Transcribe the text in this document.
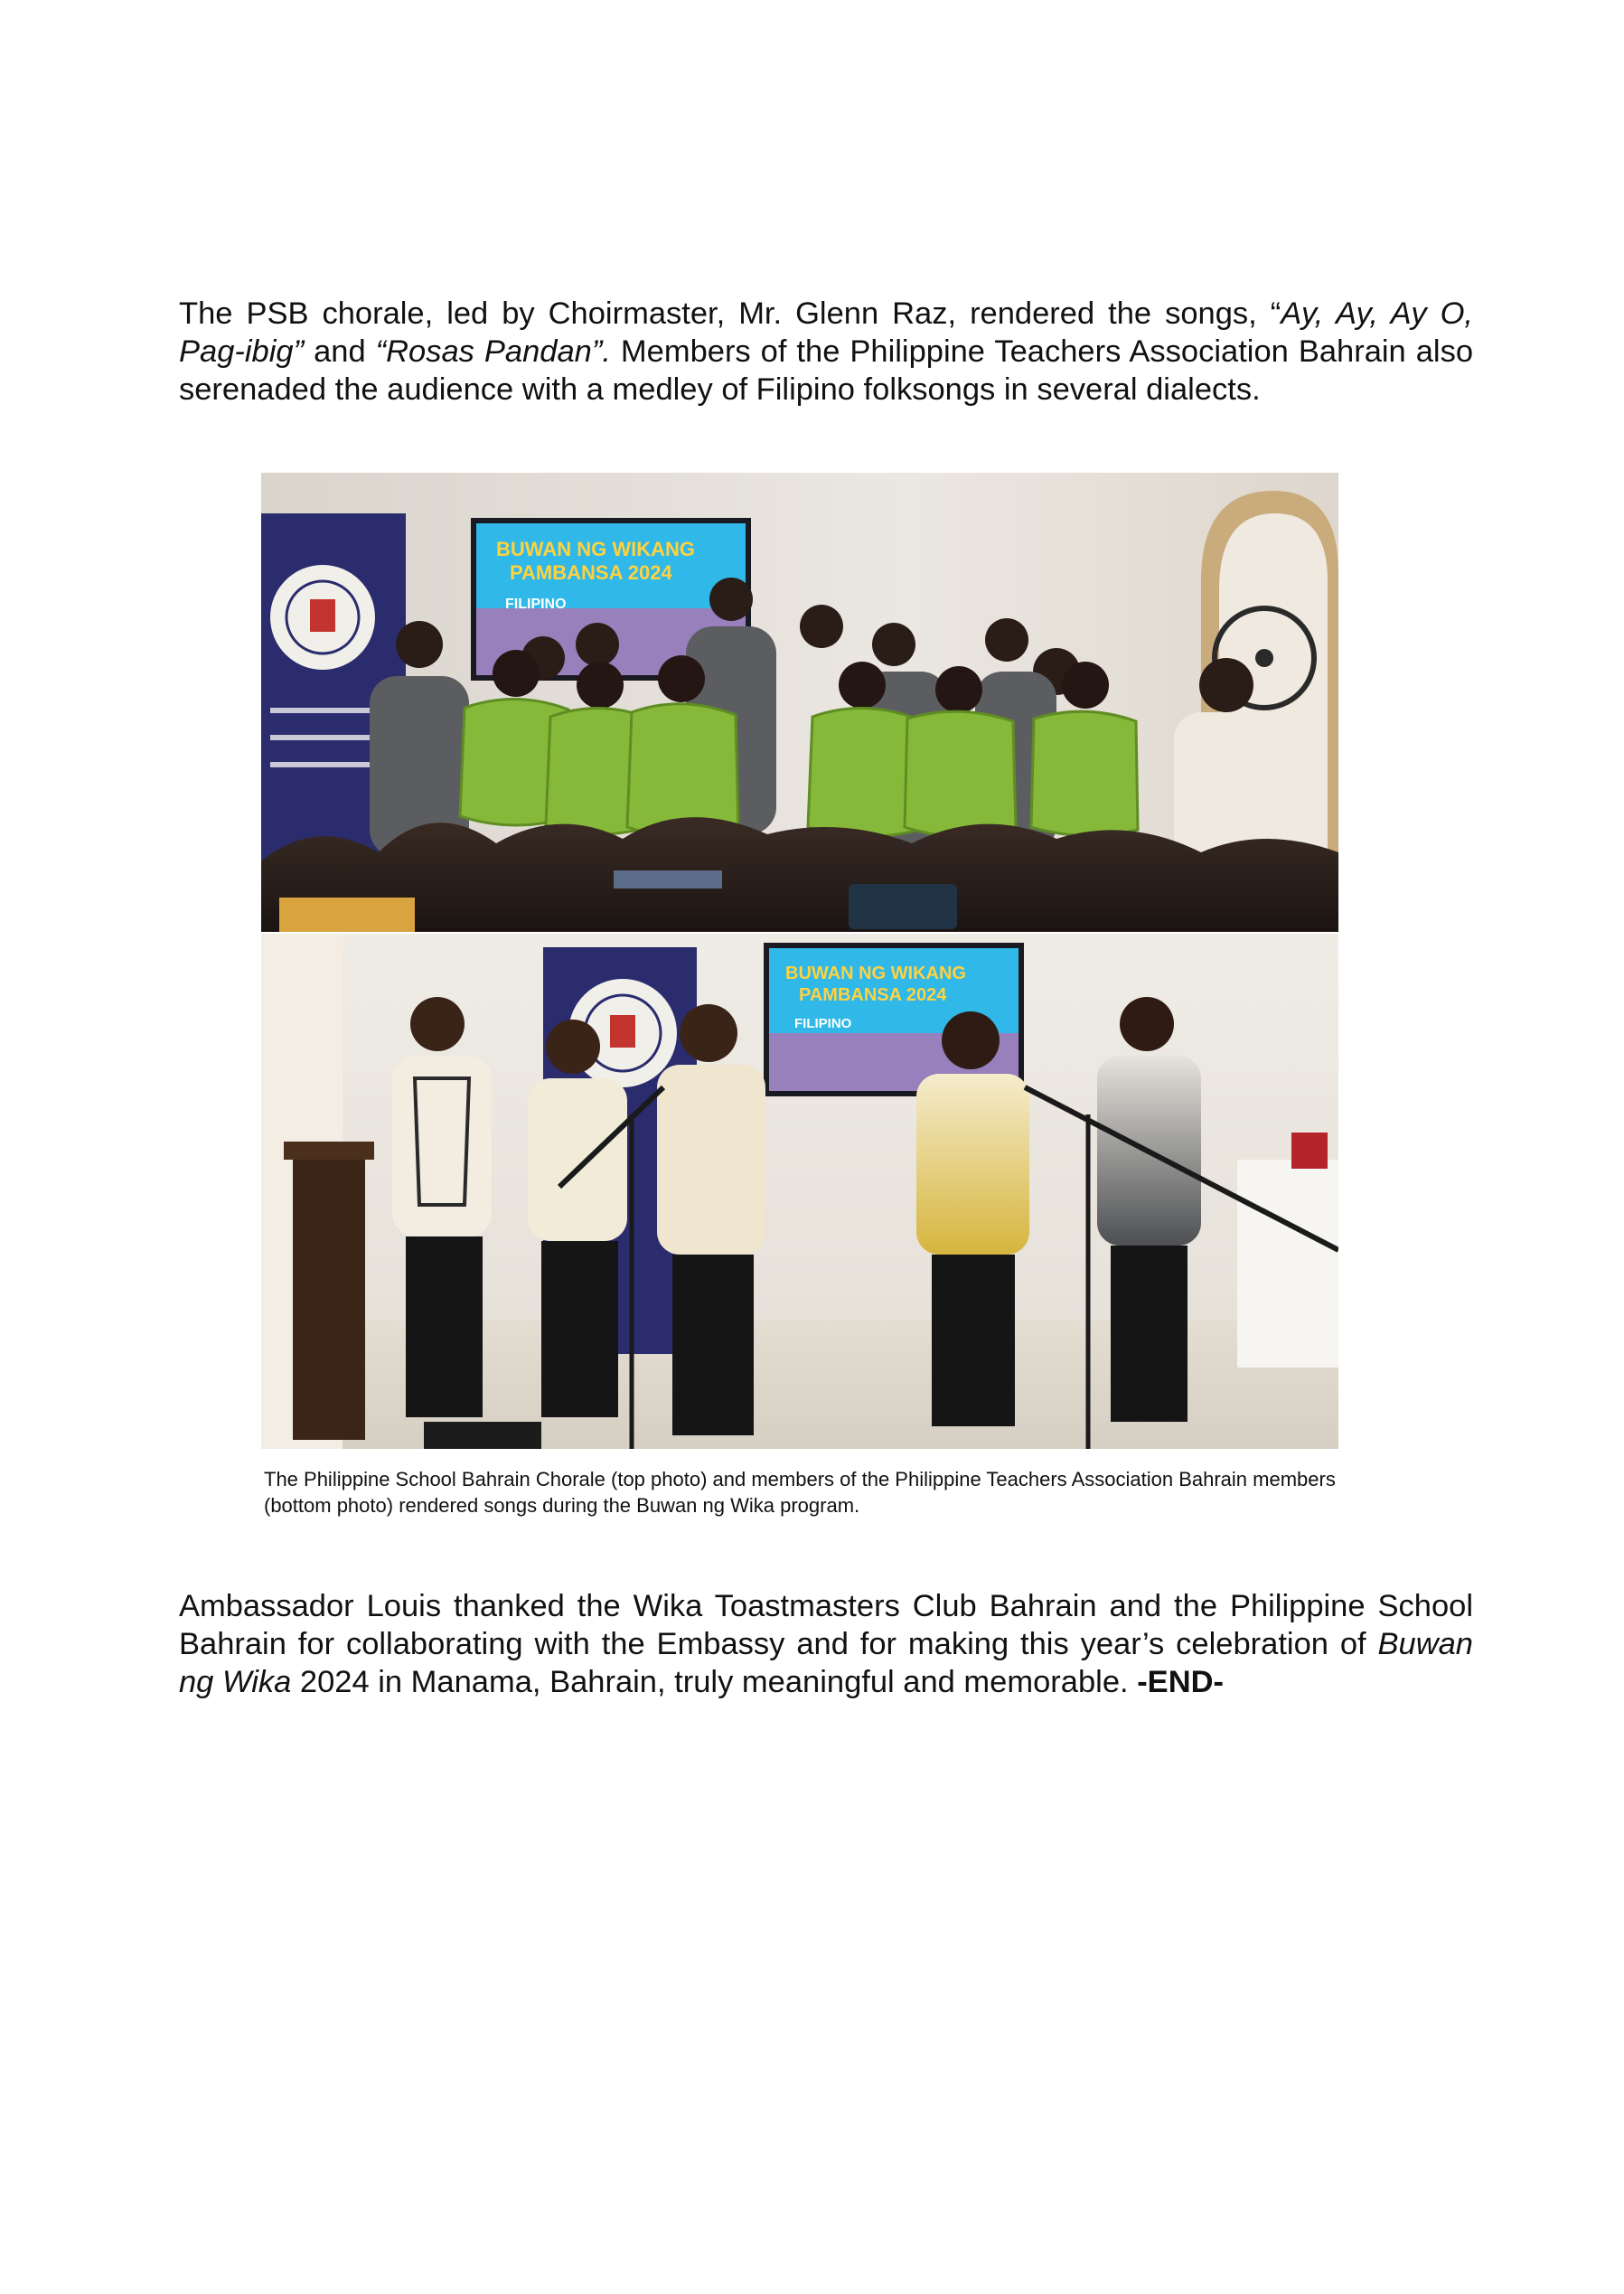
The PSB chorale, led by Choirmaster, Mr. Glenn Raz, rendered the songs, “Ay, Ay, Ay O, Pag-ibig” and “Rosas Pandan”. Members of the Philippine Teachers Association Bahrain also serenaded the audience with a medley of Filipino folksongs in several dialects.

BUWAN NG WIKANG
PAMBANSA 2024
FILIPINO
BUWAN NG WIKANG
PAMBANSA 2024
FILIPINO

The Philippine School Bahrain Chorale (top photo) and members of the Philippine Teachers Association Bahrain members (bottom photo) rendered songs during the Buwan ng Wika program.

Ambassador Louis thanked the Wika Toastmasters Club Bahrain and the Philippine School Bahrain for collaborating with the Embassy and for making this year’s celebration of Buwan ng Wika 2024 in Manama, Bahrain, truly meaningful and memorable. -END-
